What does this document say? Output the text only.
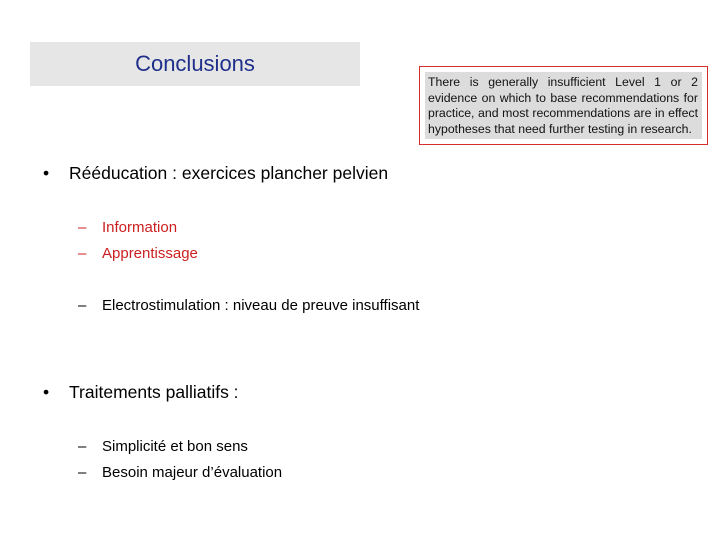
Conclusions
There is generally insufficient Level 1 or 2 evidence on which to base recommendations for practice, and most recommendations are in effect hypotheses that need further testing in research.
•	Rééducation : exercices plancher pelvien
–	Information
–	Apprentissage
–	Electrostimulation : niveau de preuve insuffisant
•	Traitements palliatifs :
–	Simplicité et bon sens
–	Besoin majeur d’évaluation
